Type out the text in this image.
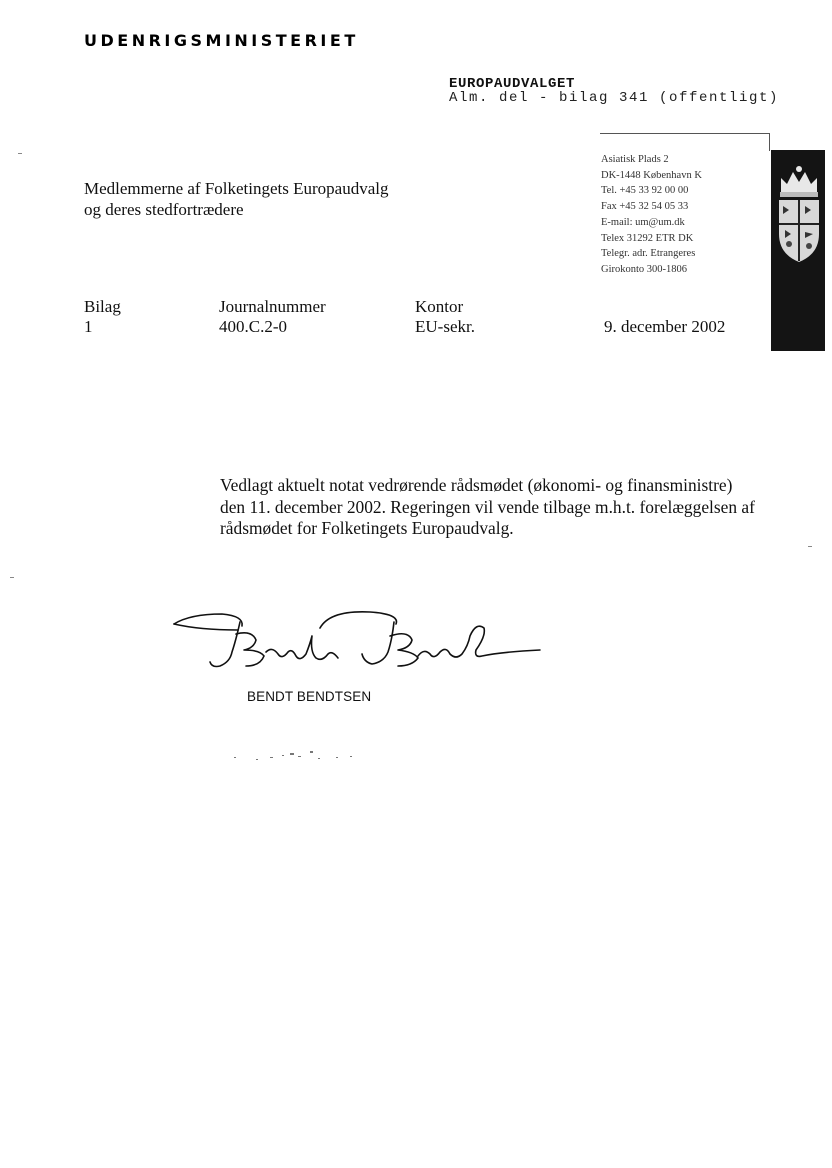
UDENRIGSMINISTERIET
EUROPAUDVALGET
Alm. del - bilag 341 (offentligt)
Asiatisk Plads 2
DK-1448 København K
Tel. +45 33 92 00 00
Fax +45 32 54 05 33
E-mail: um@um.dk
Telex 31292 ETR DK
Telegr. adr. Etrangeres
Girokonto 300-1806
Medlemmerne af Folketingets Europaudvalg
og deres stedfortrædere
Bilag
1
Journalnummer
400.C.2-0
Kontor
EU-sekr.	9. december 2002
Vedlagt aktuelt notat vedrørende rådsmødet (økonomi- og finansministre)
den 11. december 2002. Regeringen vil vende tilbage m.h.t. forelæggelsen af
rådsmødet for Folketingets Europaudvalg.
BENDT BENDTSEN
